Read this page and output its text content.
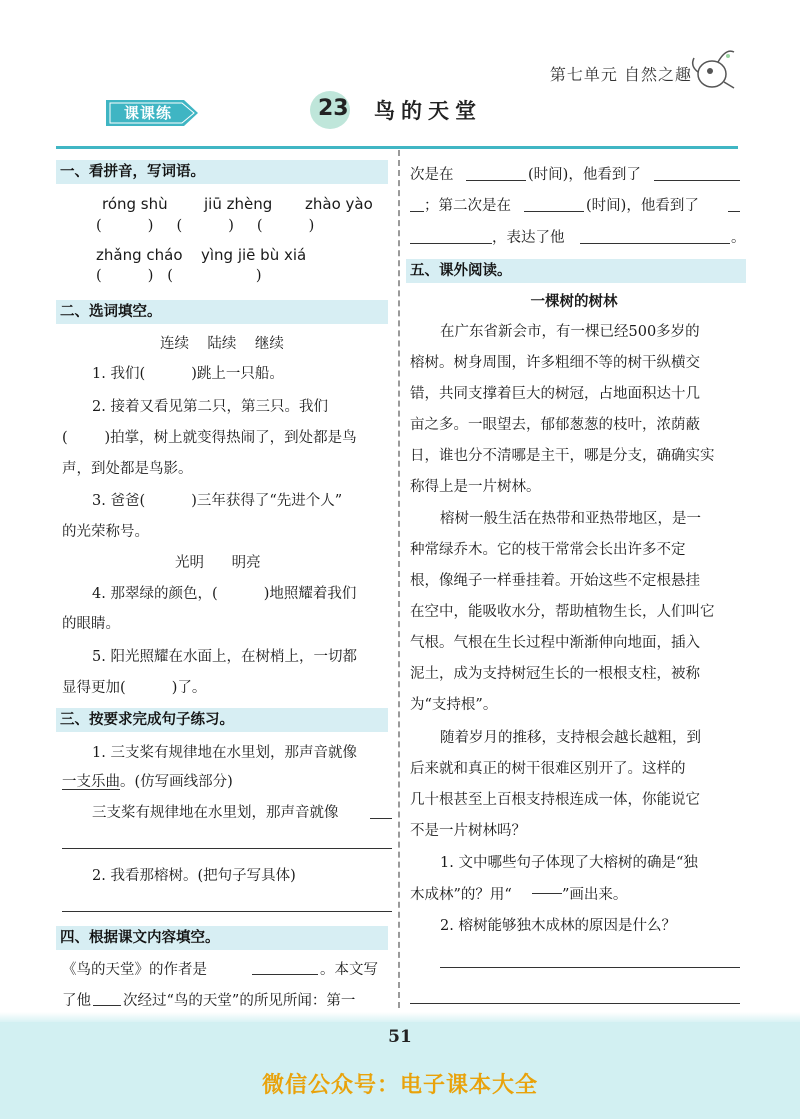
第七单元 自然之趣
课课练	23 鸟的天堂
一、看拼音，写词语。
róng shù jiū zhèng zhào yào
(          )     (          )     (          )
zhǎng cháo yìng jiē bù xiá
(          )   (                  )
二、选词填空。
连续    陆续    继续
1. 我们(          )跳上一只船。
2. 接着又看见第二只，第三只。我们
(        )拍掌，树上就变得热闹了，到处都是鸟
声，到处都是鸟影。
3. 爸爸(          )三年获得了“先进个人”
的光荣称号。
光明      明亮
4. 那翠绿的颜色，(          )地照耀着我们
的眼睛。
5. 阳光照耀在水面上，在树梢上，一切都
显得更加(          )了。
三、按要求完成句子练习。
1. 三支桨有规律地在水里划，那声音就像
一支乐曲。(仿写画线部分)
三支桨有规律地在水里划，那声音就像
2. 我看那榕树。(把句子写具体)
四、根据课文内容填空。
《鸟的天堂》的作者是	。本文写
了他 次经过“鸟的天堂”的所见所闻：第一
次是在	(时间)，他看到了
；第二次是在	(时间)，他看到了
，表达了他	。
五、课外阅读。
一棵树的树林
在广东省新会市，有一棵已经500多岁的
榕树。树身周围，许多粗细不等的树干纵横交
错，共同支撑着巨大的树冠，占地面积达十几
亩之多。一眼望去，郁郁葱葱的枝叶，浓荫蔽
日，谁也分不清哪是主干，哪是分支，确确实实
称得上是一片树林。
榕树一般生活在热带和亚热带地区，是一
种常绿乔木。它的枝干常常会长出许多不定
根，像绳子一样垂挂着。开始这些不定根悬挂
在空中，能吸收水分，帮助植物生长，人们叫它
气根。气根在生长过程中渐渐伸向地面，插入
泥土，成为支持树冠生长的一根根支柱，被称
为“支持根”。
随着岁月的推移，支持根会越长越粗，到
后来就和真正的树干很难区别开了。这样的
几十根甚至上百根支持根连成一体，你能说它
不是一片树林吗？
1. 文中哪些句子体现了大榕树的确是“独
木成林”的？用“	”画出来。
2. 榕树能够独木成林的原因是什么？
51
微信公众号：电子课本大全
